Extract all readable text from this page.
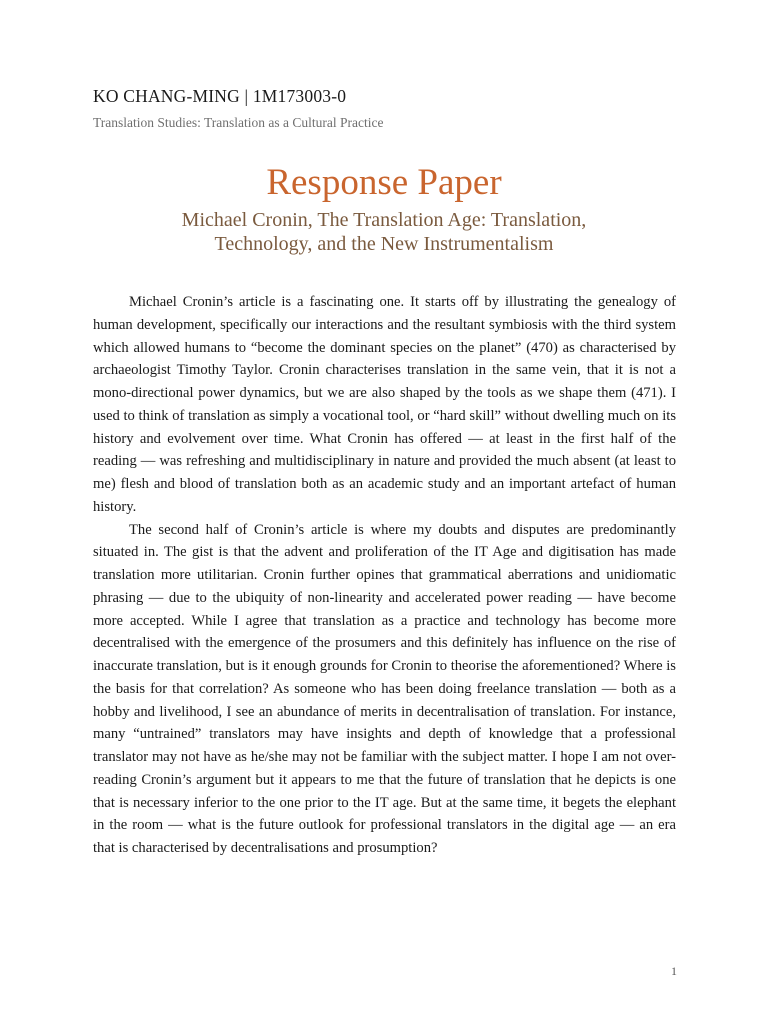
KO CHANG-MING | 1M173003-0
Translation Studies: Translation as a Cultural Practice
Response Paper
Michael Cronin, The Translation Age: Translation,
Technology, and the New Instrumentalism

Michael Cronin’s article is a fascinating one. It starts off by illustrating the genealogy of human development, specifically our interactions and the resultant symbiosis with the third system which allowed humans to “become the dominant species on the planet” (470) as characterised by archaeologist Timothy Taylor. Cronin characterises translation in the same vein, that it is not a mono-directional power dynamics, but we are also shaped by the tools as we shape them (471). I used to think of translation as simply a vocational tool, or “hard skill” without dwelling much on its history and evolvement over time. What Cronin has offered — at least in the first half of the reading — was refreshing and multidisciplinary in nature and provided the much absent (at least to me) flesh and blood of translation both as an academic study and an important artefact of human history.

The second half of Cronin’s article is where my doubts and disputes are predominantly situated in. The gist is that the advent and proliferation of the IT Age and digitisation has made translation more utilitarian. Cronin further opines that grammatical aberrations and unidiomatic phrasing — due to the ubiquity of non-linearity and accelerated power reading — have become more accepted. While I agree that translation as a practice and technology has become more decentralised with the emergence of the prosumers and this definitely has influence on the rise of inaccurate translation, but is it enough grounds for Cronin to theorise the aforementioned? Where is the basis for that correlation? As someone who has been doing freelance translation — both as a hobby and livelihood, I see an abundance of merits in decentralisation of translation. For instance, many “untrained” translators may have insights and depth of knowledge that a professional translator may not have as he/she may not be familiar with the subject matter. I hope I am not over-reading Cronin’s argument but it appears to me that the future of translation that he depicts is one that is necessary inferior to the one prior to the IT age. But at the same time, it begets the elephant in the room — what is the future outlook for professional translators in the digital age — an era that is characterised by decentralisations and prosumption?

1
